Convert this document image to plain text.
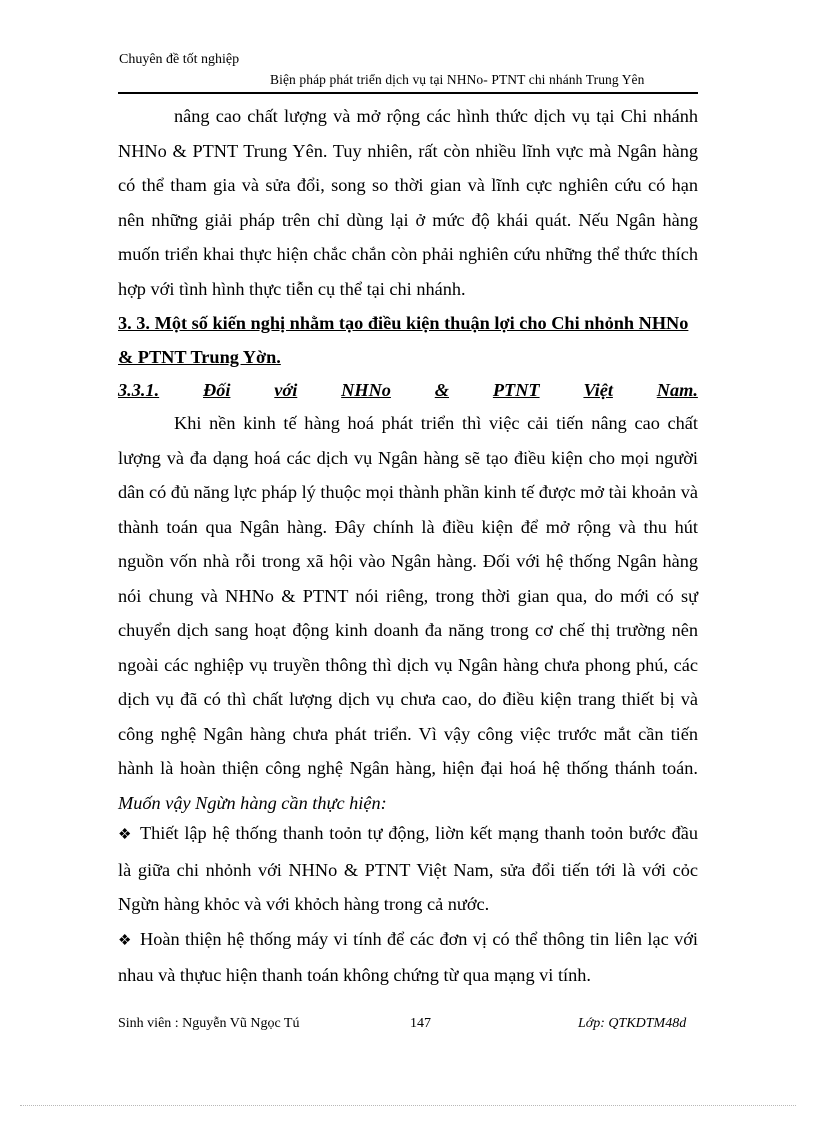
Chuyên đề tốt nghiệp
Biện pháp phát triển dịch vụ tại NHNo- PTNT chi nhánh Trung Yên

nâng cao chất lượng và mở rộng các hình thức dịch vụ tại Chi nhánh NHNo & PTNT Trung Yên. Tuy nhiên, rất còn nhiều lĩnh vực mà Ngân hàng có thể tham gia và sửa đổi, song so thời gian và lĩnh cực nghiên cứu có hạn nên những giải pháp trên chỉ dùng lại ở mức độ khái quát. Nếu Ngân hàng muốn triển khai thực hiện chắc chắn còn phải nghiên cứu những thể thức thích hợp với tình hình thực tiễn cụ thể tại chi nhánh.

3. 3. Một số kiến nghị nhằm tạo điều kiện thuận lợi cho Chi nhỏnh NHNo & PTNT Trung Yờn.
3.3.1. Đối với NHNo & PTNT Việt Nam.

Khi nền kinh tế hàng hoá phát triển thì việc cải tiến nâng cao chất lượng và đa dạng hoá các dịch vụ Ngân hàng sẽ tạo điều kiện cho mọi người dân có đủ năng lực pháp lý thuộc mọi thành phần kinh tế được mở tài khoản và thành toán qua Ngân hàng. Đây chính là điều kiện để mở rộng và thu hút nguồn vốn nhà rỗi trong xã hội vào Ngân hàng. Đối với hệ thống Ngân hàng nói chung và NHNo & PTNT nói riêng, trong thời gian qua, do mới có sự chuyển dịch sang hoạt động kinh doanh đa năng trong cơ chế thị trường nên ngoài các nghiệp vụ truyền thông thì dịch vụ Ngân hàng chưa phong phú, các dịch vụ đã có thì chất lượng dịch vụ chưa cao, do điều kiện trang thiết bị và công nghệ Ngân hàng chưa phát triển. Vì vậy công việc trước mắt cần tiến hành là hoàn thiện công nghệ Ngân hàng, hiện đại hoá hệ thống thánh toán. Muốn vậy Ngừn hàng cần thực hiện:

❖ Thiết lập hệ thống thanh toỏn tự động, liờn kết mạng thanh toỏn bước đầu là giữa chi nhỏnh với NHNo & PTNT Việt Nam, sửa đổi tiến tới là với cỏc Ngừn hàng khỏc và với khỏch hàng trong cả nước.

❖ Hoàn thiện hệ thống máy vi tính để các đơn vị có thể thông tin liên lạc với nhau và thựuc hiện thanh toán không chứng từ qua mạng vi tính.

Sinh viên : Nguyễn Vũ Ngọc Tú	147	Lớp: QTKDTM48d
